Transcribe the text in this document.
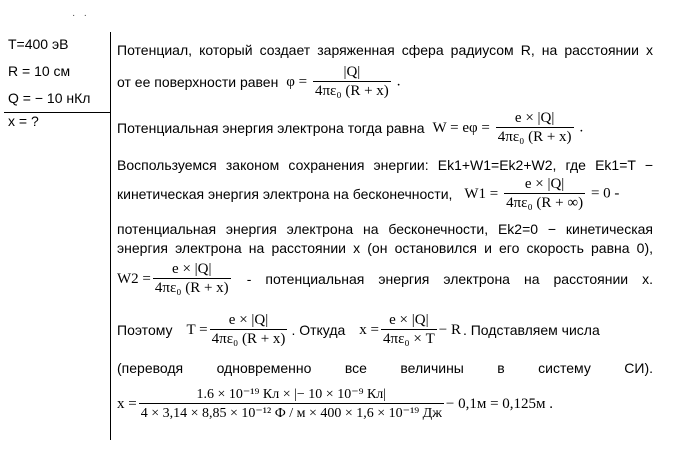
·   ·
T=400 эВ
R = 10 см
Q = − 10 нКл
x = ?
Потенциал, который создает заряженная сфера радиусом R, на расстоянии x
от ее поверхности равен $\varphi = \frac{|Q|}{\text{4πε₀ (R + x)}}$ .
Потенциальная энергия электрона тогда равна $W = e\varphi = \frac{e \times |Q|}{\text{4πε₀ (R + x)}}$ .
Воспользуемся законом сохранения энергии: Ek1+W1=Ek2+W2, где Ek1=T −
кинетическая энергия электрона на бесконечности, $W1 = \frac{e \times |Q|}{\text{4πε₀ (R + ∞)}} = 0$ -
потенциальная энергия электрона на бесконечности, Ek2=0 − кинетическая
энергия электрона на расстоянии x (он остановился и его скорость равна 0),
$W2 = \frac{e \times |Q|}{\text{4πε₀ (R + x)}}$ - потенциальная энергия электрона на расстоянии x.
Поэтому $T = \frac{e \times |Q|}{\text{4πε₀ (R + x)}}$ . Откуда $x = \frac{e \times |Q|}{\text{4πε₀ × T}} - R$ . Подставляем числа
(переводя одновременно все величины в систему СИ).
$x = \frac{\text{1.6 × 10⁻¹⁹ Кл × |− 10 × 10⁻⁹ Кл|}}{\text{4 × 3,14 × 8,85 × 10⁻¹² Ф / м × 400 × 1,6 × 10⁻¹⁹ Дж}} - 0,1м = 0,125м$ .
